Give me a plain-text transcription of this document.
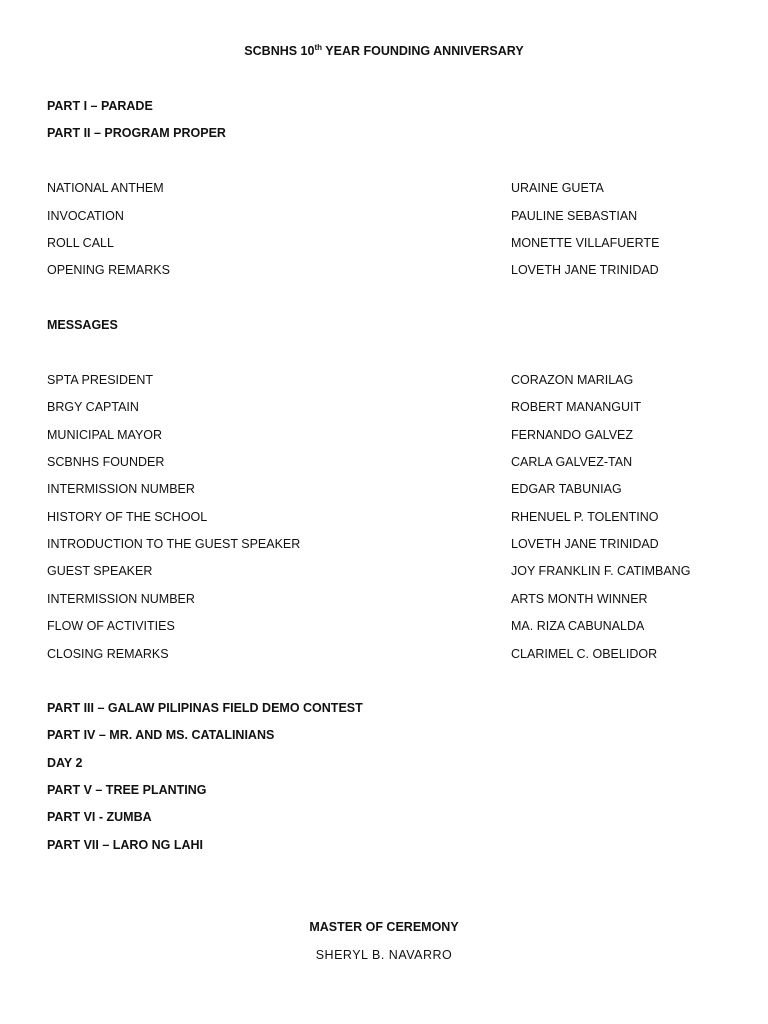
SCBNHS 10th YEAR FOUNDING ANNIVERSARY
PART I – PARADE
PART II – PROGRAM PROPER
NATIONAL ANTHEM	URAINE GUETA
INVOCATION	PAULINE SEBASTIAN
ROLL CALL	MONETTE VILLAFUERTE
OPENING REMARKS	LOVETH JANE TRINIDAD
MESSAGES
SPTA PRESIDENT	CORAZON MARILAG
BRGY CAPTAIN	ROBERT MANANGUIT
MUNICIPAL MAYOR	FERNANDO GALVEZ
SCBNHS FOUNDER	CARLA GALVEZ-TAN
INTERMISSION NUMBER	EDGAR TABUNIAG
HISTORY OF THE SCHOOL	RHENUEL P. TOLENTINO
INTRODUCTION TO THE GUEST SPEAKER	LOVETH JANE TRINIDAD
GUEST SPEAKER	JOY FRANKLIN F. CATIMBANG
INTERMISSION NUMBER	ARTS MONTH WINNER
FLOW OF ACTIVITIES	MA. RIZA CABUNALDA
CLOSING REMARKS	CLARIMEL C. OBELIDOR
PART III – GALAW PILIPINAS FIELD DEMO CONTEST
PART IV – MR. AND MS. CATALINIANS
DAY 2
PART V – TREE PLANTING
PART VI - ZUMBA
PART VII – LARO NG LAHI
MASTER OF CEREMONY
SHERYL B. NAVARRO
